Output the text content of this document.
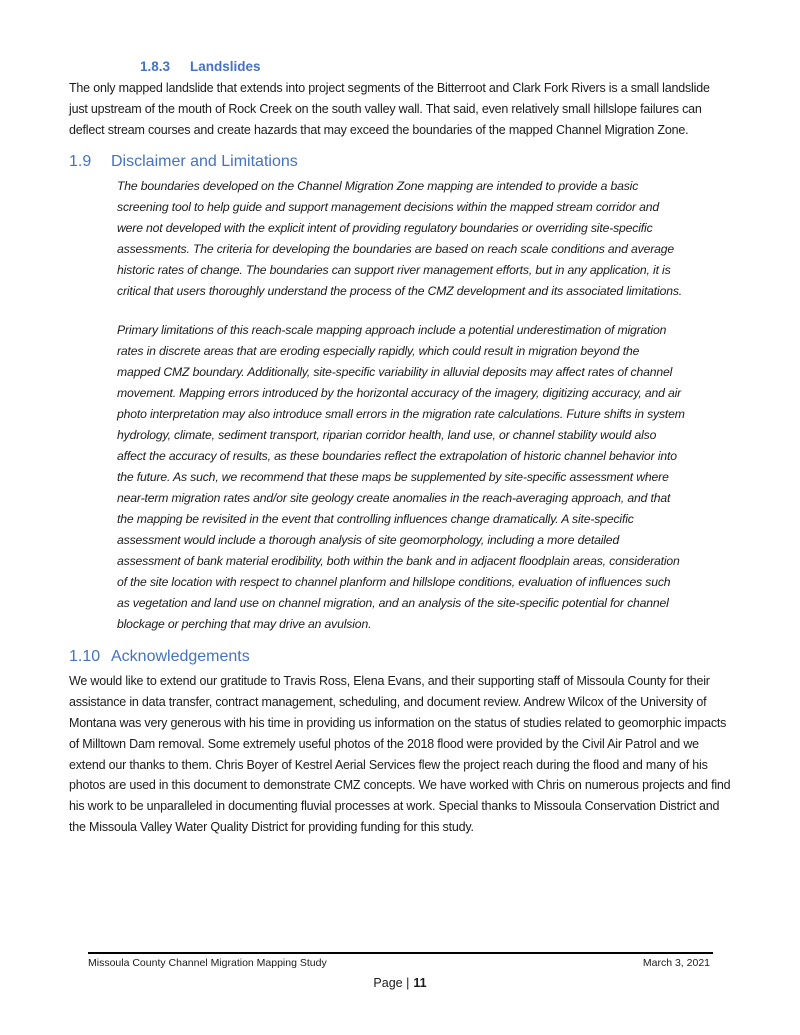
1.8.3 Landslides

The only mapped landslide that extends into project segments of the Bitterroot and Clark Fork Rivers is a small landslide just upstream of the mouth of Rock Creek on the south valley wall. That said, even relatively small hillslope failures can deflect stream courses and create hazards that may exceed the boundaries of the mapped Channel Migration Zone.

1.9 Disclaimer and Limitations

The boundaries developed on the Channel Migration Zone mapping are intended to provide a basic screening tool to help guide and support management decisions within the mapped stream corridor and were not developed with the explicit intent of providing regulatory boundaries or overriding site-specific assessments. The criteria for developing the boundaries are based on reach scale conditions and average historic rates of change. The boundaries can support river management efforts, but in any application, it is critical that users thoroughly understand the process of the CMZ development and its associated limitations.

Primary limitations of this reach-scale mapping approach include a potential underestimation of migration rates in discrete areas that are eroding especially rapidly, which could result in migration beyond the mapped CMZ boundary. Additionally, site-specific variability in alluvial deposits may affect rates of channel movement. Mapping errors introduced by the horizontal accuracy of the imagery, digitizing accuracy, and air photo interpretation may also introduce small errors in the migration rate calculations. Future shifts in system hydrology, climate, sediment transport, riparian corridor health, land use, or channel stability would also affect the accuracy of results, as these boundaries reflect the extrapolation of historic channel behavior into the future. As such, we recommend that these maps be supplemented by site-specific assessment where near-term migration rates and/or site geology create anomalies in the reach-averaging approach, and that the mapping be revisited in the event that controlling influences change dramatically. A site-specific assessment would include a thorough analysis of site geomorphology, including a more detailed assessment of bank material erodibility, both within the bank and in adjacent floodplain areas, consideration of the site location with respect to channel planform and hillslope conditions, evaluation of influences such as vegetation and land use on channel migration, and an analysis of the site-specific potential for channel blockage or perching that may drive an avulsion.

1.10 Acknowledgements

We would like to extend our gratitude to Travis Ross, Elena Evans, and their supporting staff of Missoula County for their assistance in data transfer, contract management, scheduling, and document review. Andrew Wilcox of the University of Montana was very generous with his time in providing us information on the status of studies related to geomorphic impacts of Milltown Dam removal. Some extremely useful photos of the 2018 flood were provided by the Civil Air Patrol and we extend our thanks to them. Chris Boyer of Kestrel Aerial Services flew the project reach during the flood and many of his photos are used in this document to demonstrate CMZ concepts. We have worked with Chris on numerous projects and find his work to be unparalleled in documenting fluvial processes at work. Special thanks to Missoula Conservation District and the Missoula Valley Water Quality District for providing funding for this study.

Missoula County Channel Migration Mapping Study	March 3, 2021
Page | 11
